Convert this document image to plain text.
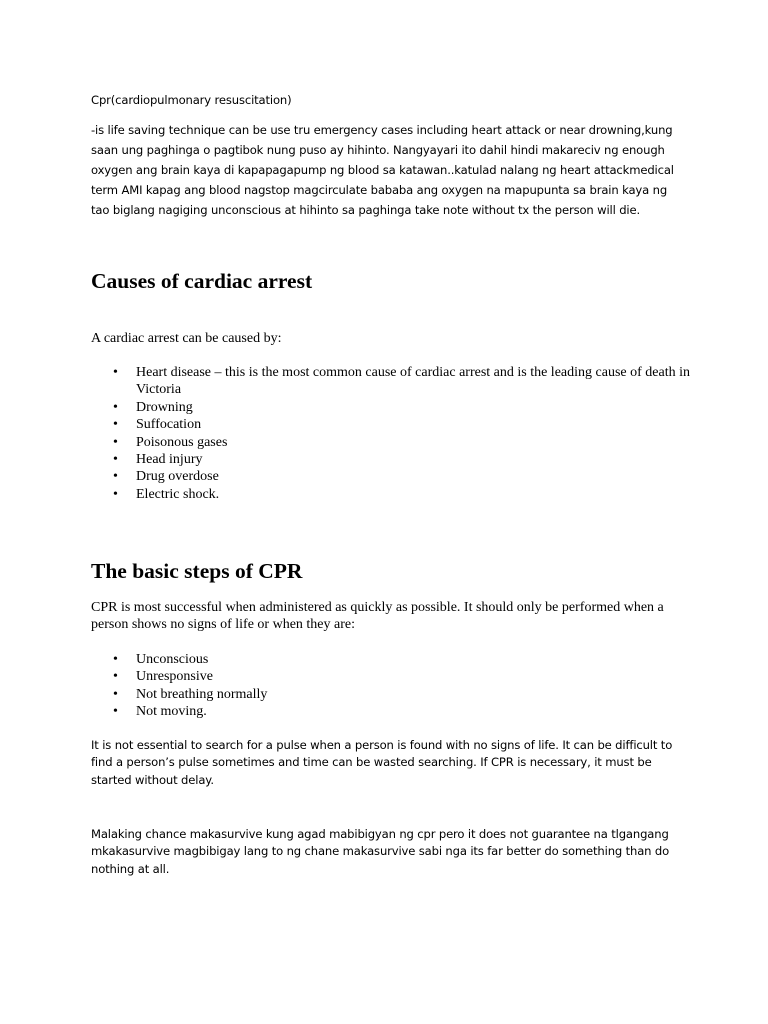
Cpr(cardiopulmonary resuscitation)

-is life saving technique can be use tru emergency cases including heart attack or near drowning,kung saan ung paghinga o pagtibok nung puso ay hihinto. Nangyayari ito dahil hindi makareciv ng enough oxygen ang brain kaya di kapapagapump ng blood sa katawan..katulad nalang ng heart attackmedical term AMI kapag ang blood nagstop magcirculate bababa ang oxygen na mapupunta sa brain kaya ng tao biglang nagiging unconscious at hihinto sa paghinga take note without tx the person will die.

Causes of cardiac arrest

A cardiac arrest can be caused by:

• Heart disease – this is the most common cause of cardiac arrest and is the leading cause of death in Victoria
• Drowning
• Suffocation
• Poisonous gases
• Head injury
• Drug overdose
• Electric shock.
The basic steps of CPR

CPR is most successful when administered as quickly as possible. It should only be performed when a person shows no signs of life or when they are:

• Unconscious
• Unresponsive
• Not breathing normally
• Not moving.

It is not essential to search for a pulse when a person is found with no signs of life. It can be difficult to find a person’s pulse sometimes and time can be wasted searching. If CPR is necessary, it must be started without delay.

Malaking chance makasurvive kung agad mabibigyan ng cpr pero it does not guarantee na tlgangang mkakasurvive magbibigay lang to ng chane makasurvive sabi nga its far better do something than do nothing at all.
